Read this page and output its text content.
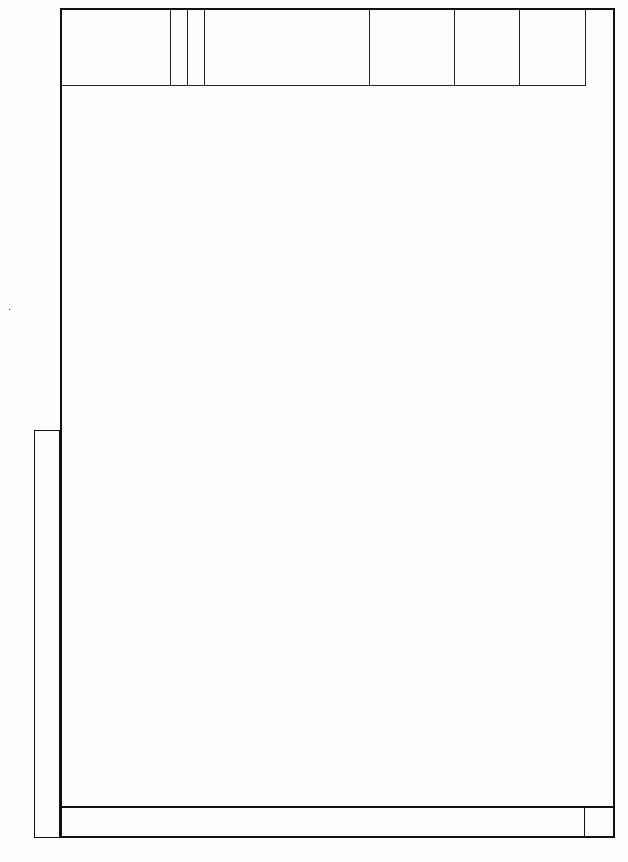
·
